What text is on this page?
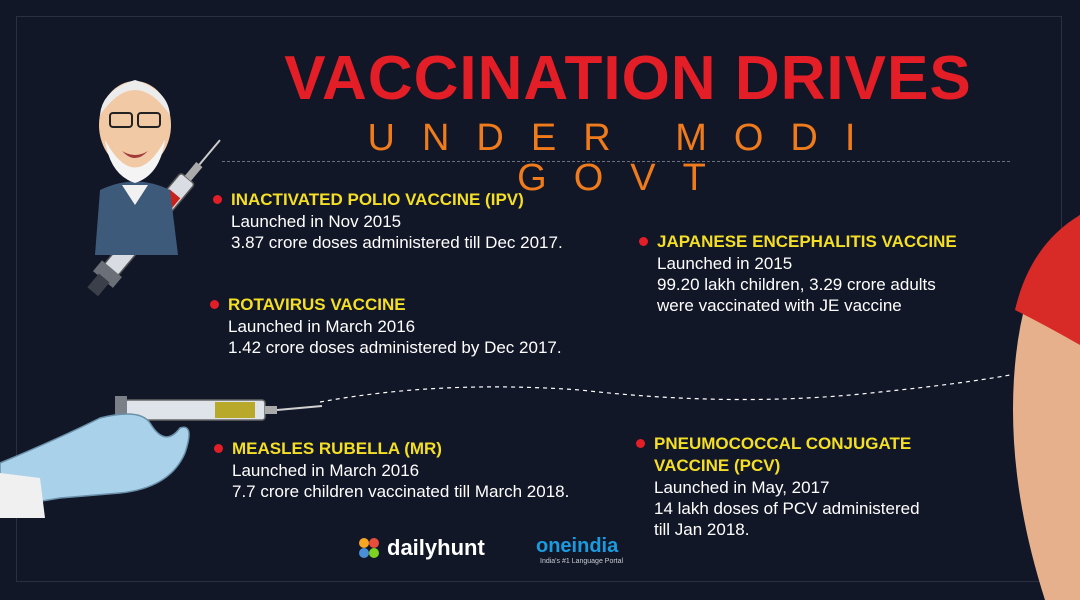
VACCINATION DRIVES
UNDER MODI GOVT
INACTIVATED POLIO VACCINE (IPV)
Launched in Nov 2015
3.87 crore doses administered till Dec 2017.
ROTAVIRUS VACCINE
Launched in March 2016
1.42 crore doses administered by Dec 2017.
MEASLES RUBELLA (MR)
Launched in March 2016
7.7 crore children vaccinated till March 2018.
JAPANESE ENCEPHALITIS VACCINE
Launched in 2015
99.20 lakh children, 3.29 crore adults
were vaccinated with JE vaccine
PNEUMOCOCCAL CONJUGATE
VACCINE (PCV)
Launched in May, 2017
14 lakh doses of PCV administered
till Jan 2018.
dailyhunt	oneindia
India's #1 Language Portal
